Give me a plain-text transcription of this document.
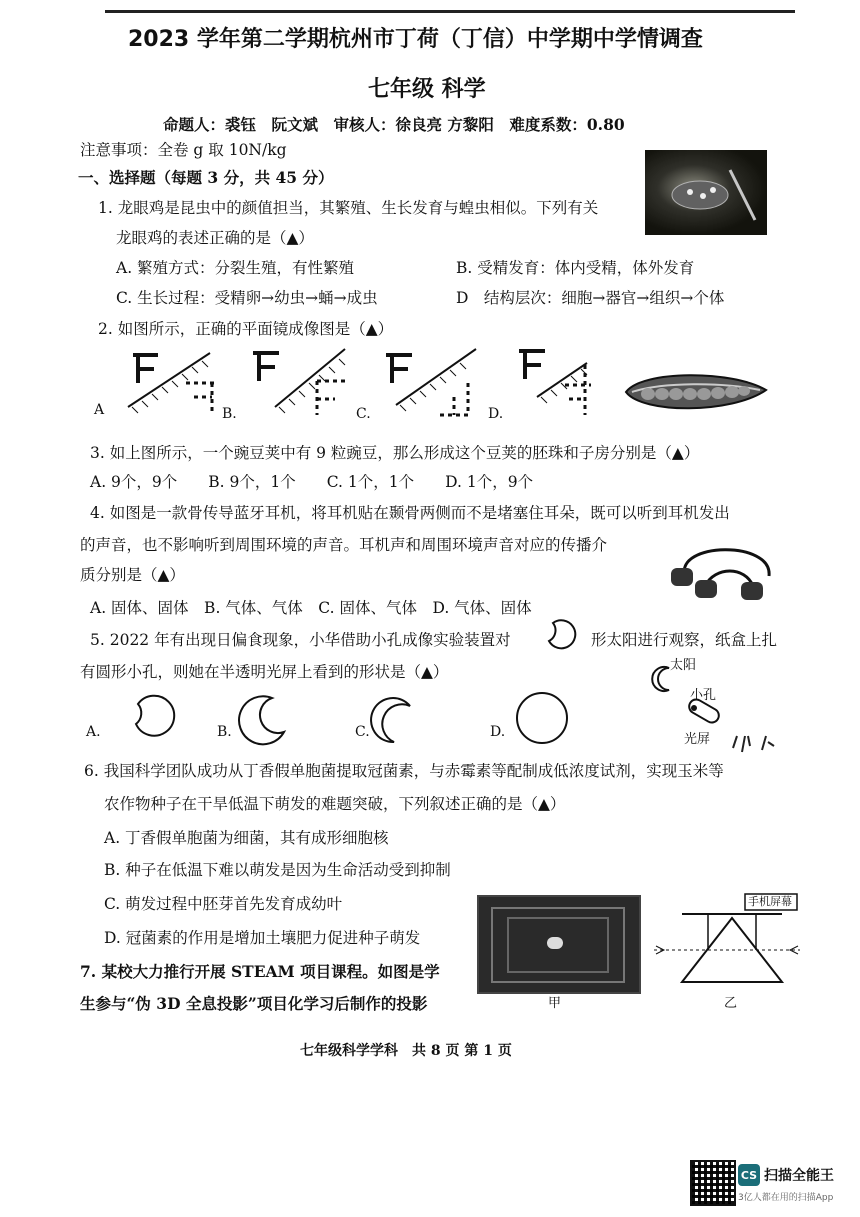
2023 学年第二学期杭州市丁荷（丁信）中学期中学情调查
七年级 科学
命题人：裘钰　阮文斌　审核人：徐良亮 方黎阳　难度系数：0.80
注意事项：全卷 g 取 10N/kg
一、选择题（每题 3 分，共 45 分）
1. 龙眼鸡是昆虫中的颜值担当，其繁殖、生长发育与蝗虫相似。下列有关
龙眼鸡的表述正确的是（▲）
A. 繁殖方式：分裂生殖，有性繁殖	B. 受精发育：体内受精，体外发育
C. 生长过程：受精卵→幼虫→蛹→成虫	D　结构层次：细胞→器官→组织→个体
2. 如图所示，正确的平面镜成像图是（▲）
A	B.	C.	D.
3. 如上图所示，一个豌豆荚中有 9 粒豌豆，那么形成这个豆荚的胚珠和子房分别是（▲）
A. 9个，9个　　B. 9个，1个　　C. 1个，1个　　D. 1个，9个
4. 如图是一款骨传导蓝牙耳机，将耳机贴在颞骨两侧而不是堵塞住耳朵，既可以听到耳机发出
的声音，也不影响听到周围环境的声音。耳机声和周围环境声音对应的传播介
质分别是（▲）
A. 固体、固体　B. 气体、气体　C. 固体、气体　D. 气体、固体
5. 2022 年有出现日偏食现象，小华借助小孔成像实验装置对	形太阳进行观察，纸盒上扎
有圆形小孔，则她在半透明光屏上看到的形状是（▲）	太阳
小孔
光屏
A.	B.	C.	D.
6. 我国科学团队成功从丁香假单胞菌提取冠菌素，与赤霉素等配制成低浓度试剂，实现玉米等
农作物种子在干旱低温下萌发的难题突破，下列叙述正确的是（▲）
A. 丁香假单胞菌为细菌，其有成形细胞核
B. 种子在低温下难以萌发是因为生命活动受到抑制
C. 萌发过程中胚芽首先发育成幼叶
D. 冠菌素的作用是增加土壤肥力促进种子萌发
7. 某校大力推行开展 STEAM 项目课程。如图是学
生参与“伪 3D 全息投影”项目化学习后制作的投影	甲
手机屏幕
乙
七年级科学学科　共 8 页 第 1 页
CS 扫描全能王
3亿人都在用的扫描App
